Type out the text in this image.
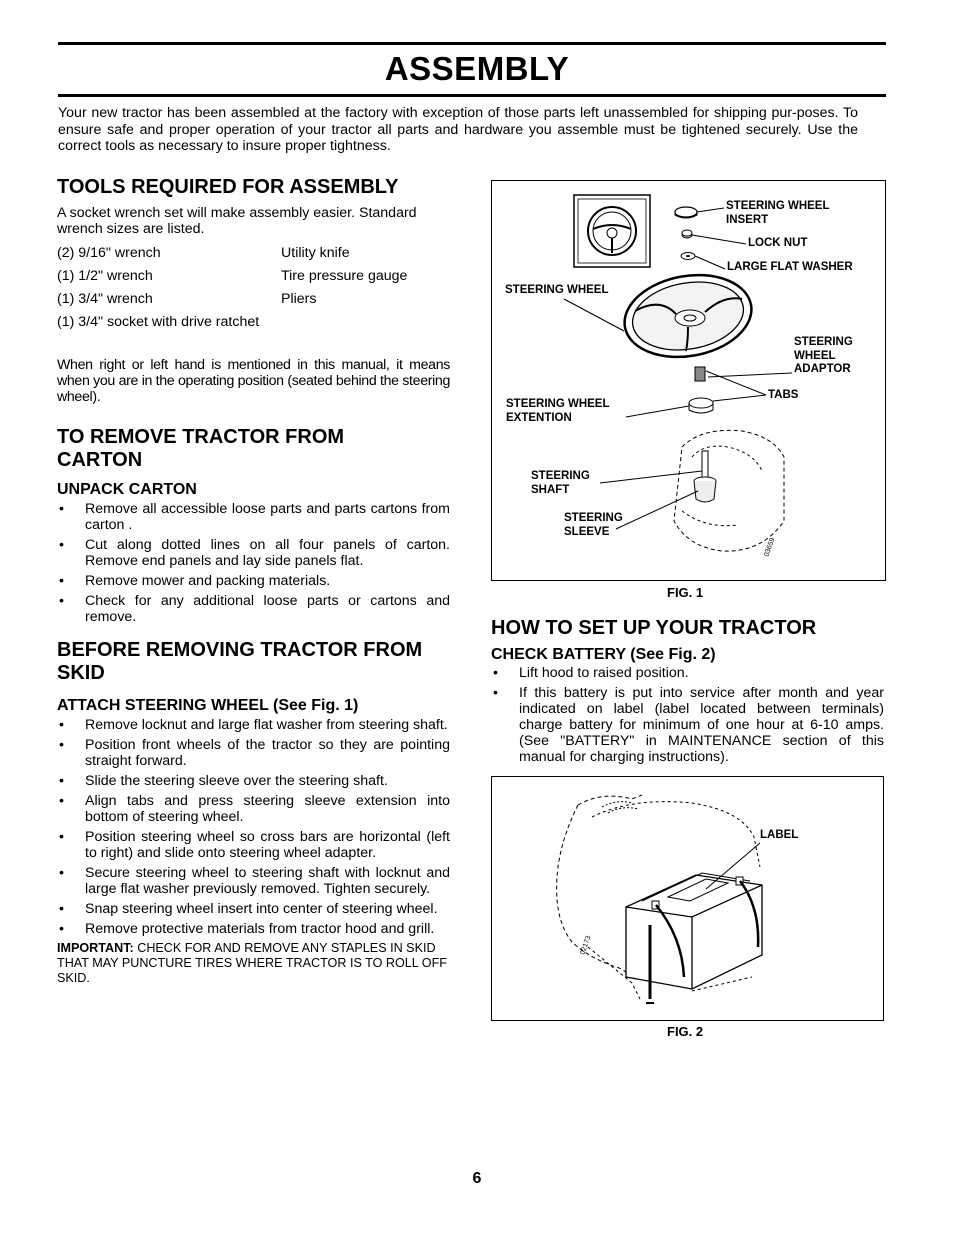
ASSEMBLY
Your new tractor has been assembled at the factory with exception of those parts left unassembled for shipping pur-poses. To ensure safe and proper operation of your tractor all parts and hardware you assemble must be tightened securely. Use the correct tools as necessary to insure proper tightness.
TOOLS REQUIRED FOR ASSEMBLY
A socket wrench set will make assembly easier. Standard wrench sizes are listed.
(2) 9/16" wrench	Utility knife
(1) 1/2" wrench	Tire pressure gauge
(1) 3/4" wrench	Pliers
(1) 3/4" socket with drive ratchet
When right or left hand is mentioned in this manual, it means when you are in the operating position (seated behind the steering wheel).
TO REMOVE TRACTOR FROM CARTON
UNPACK CARTON
• Remove all accessible loose parts and parts cartons from carton .
• Cut along dotted lines on all four panels of carton. Remove end panels and lay side panels flat.
• Remove mower and packing materials.
• Check for any additional loose parts or cartons and remove.
BEFORE REMOVING TRACTOR FROM SKID
ATTACH STEERING WHEEL (See Fig. 1)
• Remove locknut and large flat washer from steering shaft.
• Position front wheels of the tractor so they are pointing straight forward.
• Slide the steering sleeve over the steering shaft.
• Align tabs and press steering sleeve extension into bottom of steering wheel.
• Position steering wheel so cross bars are horizontal (left to right) and slide onto steering wheel adapter.
• Secure steering wheel to steering shaft with locknut and large flat washer previously removed. Tighten securely.
• Snap steering wheel insert into center of steering wheel.
• Remove protective materials from tractor hood and grill.
IMPORTANT: CHECK FOR AND REMOVE ANY STAPLES IN SKID THAT MAY PUNCTURE TIRES WHERE TRACTOR IS TO ROLL OFF SKID.
03659
STEERING WHEEL INSERT
LOCK NUT
LARGE FLAT WASHER
STEERING WHEEL
STEERING WHEEL ADAPTOR
TABS
STEERING WHEEL EXTENTION
STEERING SHAFT
STEERING SLEEVE
FIG. 1
HOW TO SET UP YOUR TRACTOR
CHECK BATTERY (See Fig. 2)
• Lift hood to raised position.
• If this battery is put into service after month and year indicated on label (label located between terminals) charge battery for minimum of one hour at 6-10 amps. (See "BATTERY" in MAINTENANCE section of this manual for charging instructions).
02173
LABEL
FIG. 2
6
